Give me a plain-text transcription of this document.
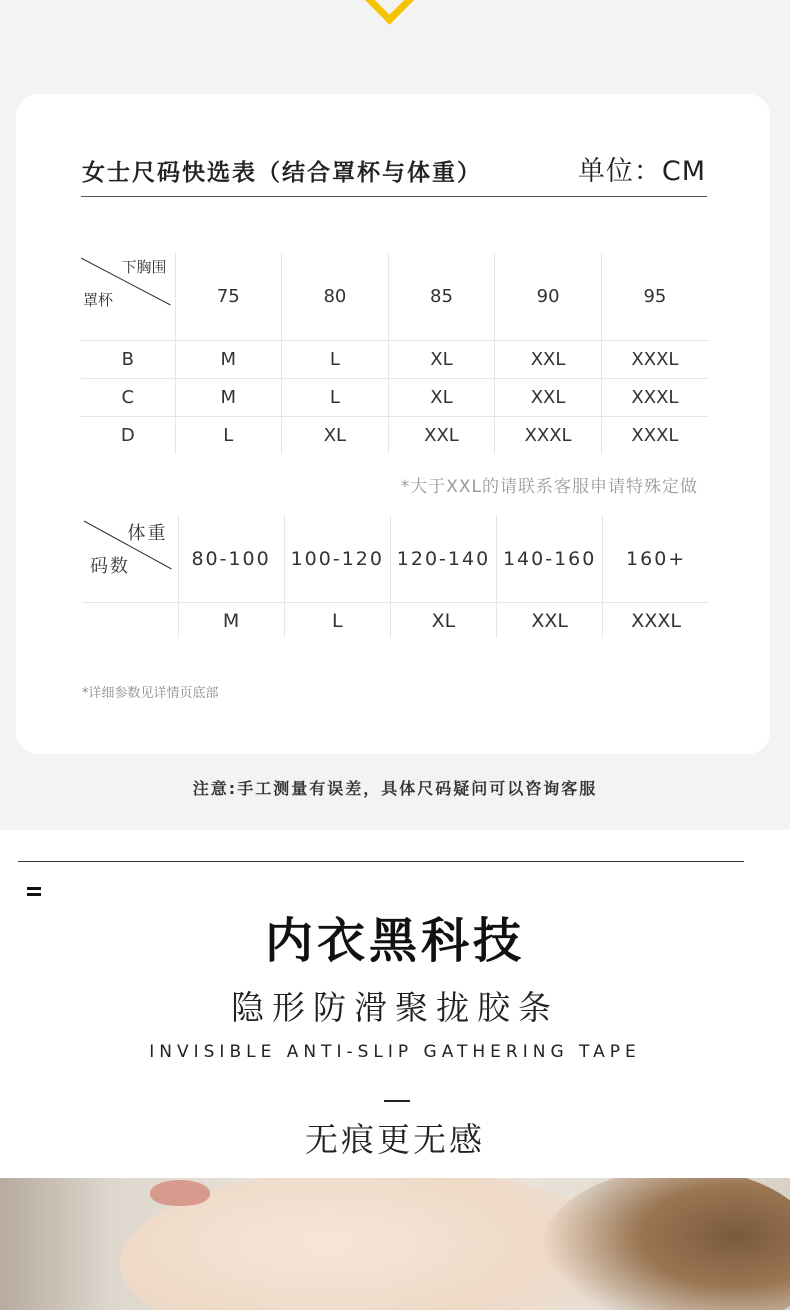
女士尺码快选表（结合罩杯与体重）	单位：CM
下胸围
罩杯	75	80	85	90	95
B	M	L	XL	XXL	XXXL
C	M	L	XL	XXL	XXXL
D	L	XL	XXL	XXXL	XXXL
*大于XXL的请联系客服申请特殊定做
体重
码数	80-100	100-120	120-140	140-160	160+
	M	L	XL	XXL	XXXL
*详细参数见详情页底部
注意:手工测量有误差，具体尺码疑问可以咨询客服
内衣黑科技
隐形防滑聚拢胶条
INVISIBLE ANTI-SLIP GATHERING TAPE
无痕更无感
